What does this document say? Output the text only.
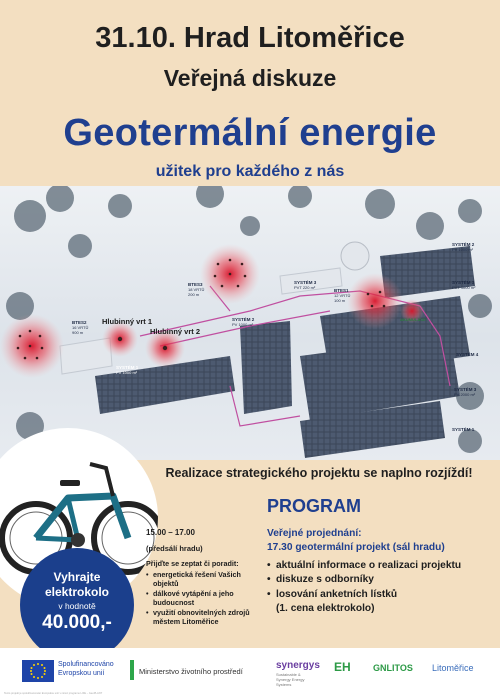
31.10. Hrad Litoměřice
Veřejná diskuze
Geotermální energie
užitek pro každého z nás
BTES2
16 VRTŮ
900 m
BTES3
18 VRTŮ
200 m
BTES1
12 VRTŮ
100 m
Hlubinný vrt 1
Hlubinný vrt 2
SYSTÉM 1
PV 1000 m²
SYSTÉM 2
PV 1000 m²
SYSTÉM 3
PVT 220 m²
SYSTÉM 3
PVT 1000 m²
SYSTÉM 4
SYSTÉM 3
PV 2000 m²
SYSTÉM 1
AKUMULACE
SYSTÉM 2
PV 1000 m²
Realizace strategického projektu se naplno rozjíždí!
Vyhrajte
elektrokolo
v hodnotě
40.000,-
15.00 – 17.00
(předsálí hradu)
Přijďte se zeptat či poradit:
• energetická řešení Vašich objektů
• dálkové vytápění a jeho budoucnost
• využití obnovitelných zdrojů městem Litoměřice
PROGRAM
Veřejné projednání:
17.30 geotermální projekt (sál hradu)
• aktuální informace o realizaci projektu
• diskuze s odborníky
• losování anketních lístků
(1. cena elektrokolo)
Spolufinancováno
Evropskou unií	Ministerstvo životního prostředí
synergys
Sustainable & Synergy Energy Systems
EH GNLITOS Litoměřice
Tento projekt je spolufinancován Evropskou unií v rámci programu LIFE – GeoPLANT
